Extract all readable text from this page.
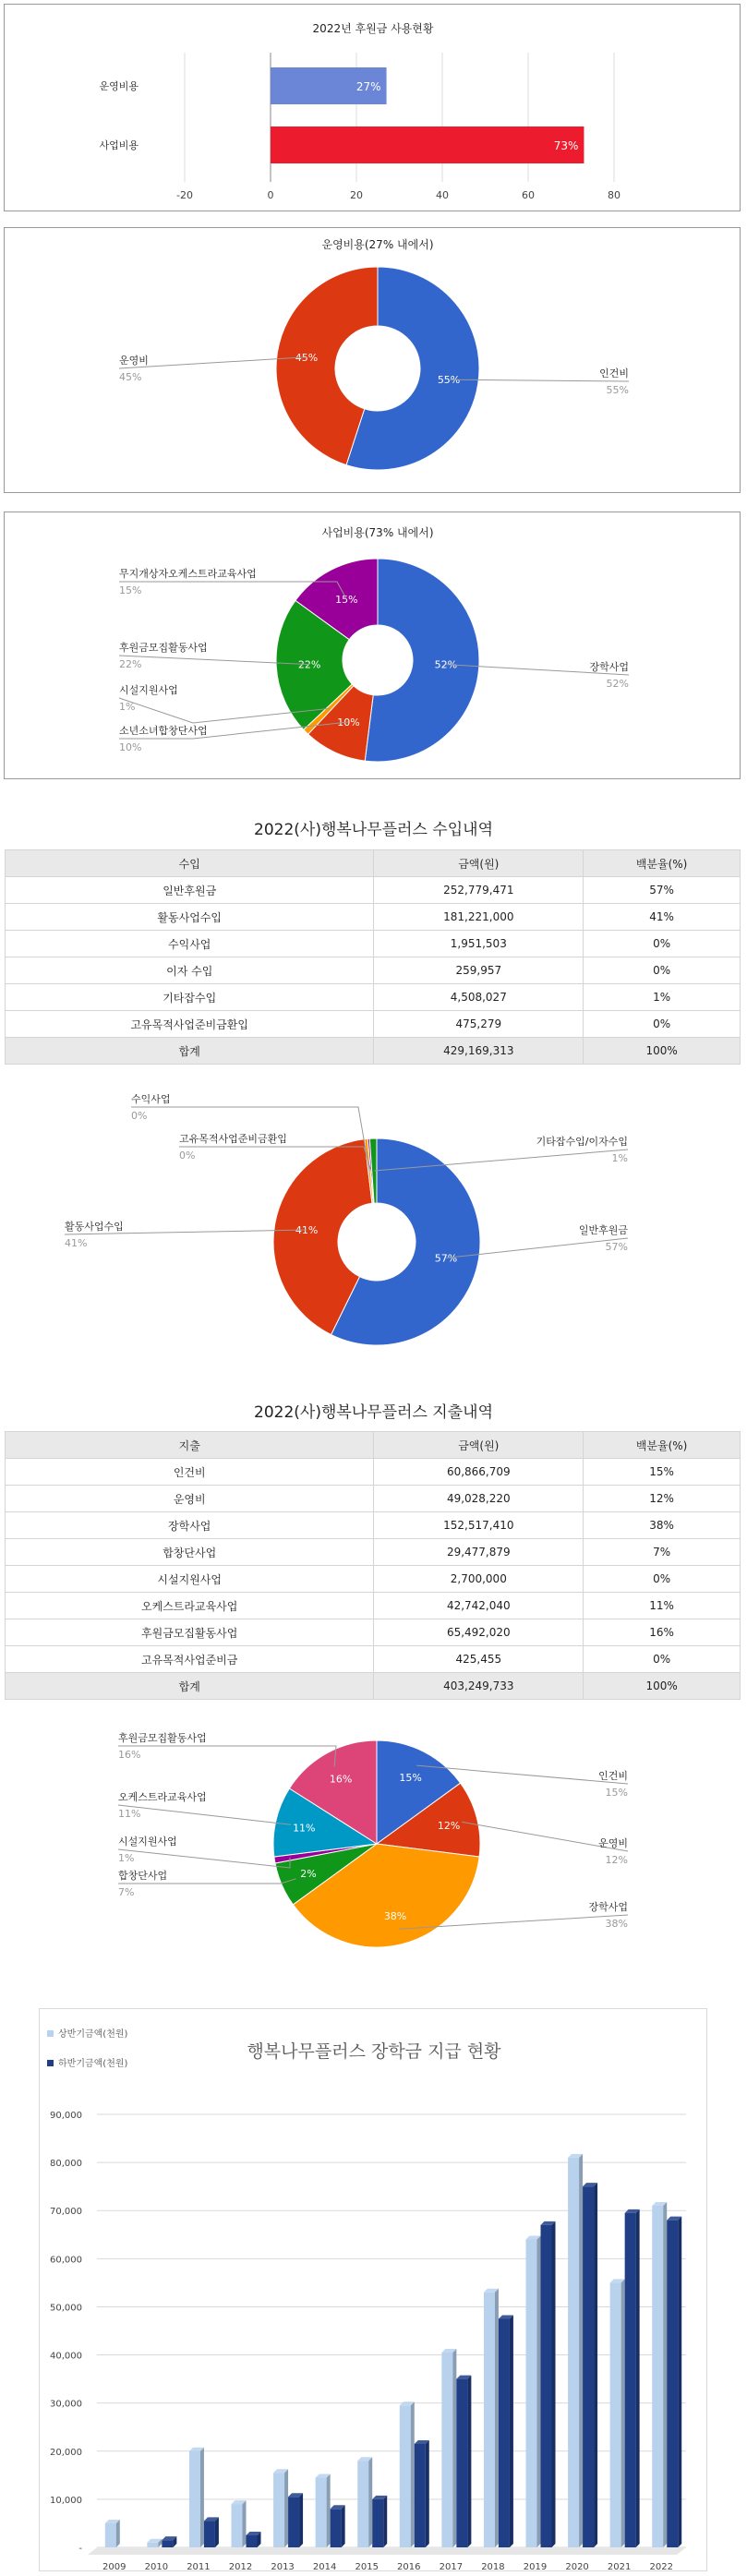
2022년 후원금 사용현황
-20	0	20	40	60	80
운영비용	27%
사업비용	73%
운영비용(27% 내에서)
55%
45%
인건비
55%
운영비
45%
사업비용(73% 내에서)
52%
10%
22%
15%
장학사업
52%
소년소녀합창단사업
10%
시설지원사업
1%
후원금모집활동사업
22%
무지개상자오케스트라교육사업
15%
2022(사)행복나무플러스 수입내역
수입	금액(원)	백분율(%)
일반후원금	252,779,471	57%
활동사업수입	181,221,000	41%
수익사업	1,951,503	0%
이자 수입	259,957	0%
기타잡수입	4,508,027	1%
고유목적사업준비금환입	475,279	0%
합계	429,169,313	100%
57%
41%	일반후원금
57%
활동사업수입
41%
수익사업
0%
고유목적사업준비금환입
0%
기타잡수입/이자수입
1%
2022(사)행복나무플러스 지출내역
지출	금액(원)	백분율(%)
인건비	60,866,709	15%
운영비	49,028,220	12%
장학사업	152,517,410	38%
합창단사업	29,477,879	7%
시설지원사업	2,700,000	0%
오케스트라교육사업	42,742,040	11%
후원금모집활동사업	65,492,020	16%
고유목적사업준비금	425,455	0%
합계	403,249,733	100%
15%
12%
38%
2%
11%
16%	인건비
15%
운영비
12%
장학사업
38%
합창단사업
7%
시설지원사업
1%
오케스트라교육사업
11%
후원금모집활동사업
16%
행복나무플러스 장학금 지급 현황
상반기금액(천원)
하반기금액(천원)
-
10,000
20,000
30,000
40,000
50,000
60,000
70,000
80,000
90,000
2009 2010 2011 2012 2013 2014 2015 2016 2017 2018 2019 2020 2021 2022
